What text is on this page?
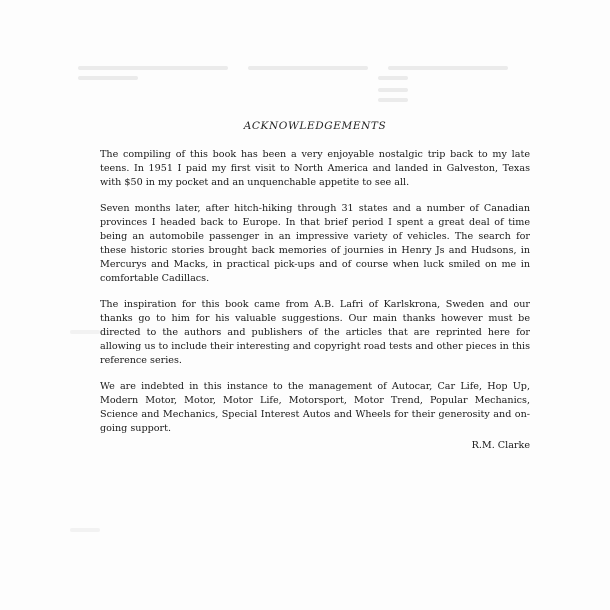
ACKNOWLEDGEMENTS

The compiling of this book has been a very enjoyable nostalgic trip back to my late teens. In 1951 I paid my first visit to North America and landed in Galveston, Texas with $50 in my pocket and an unquenchable appetite to see all.

Seven months later, after hitch-hiking through 31 states and a number of Canadian provinces I headed back to Europe. In that brief period I spent a great deal of time being an automobile passenger in an impressive variety of vehicles. The search for these historic stories brought back memories of journies in Henry Js and Hudsons, in Mercurys and Macks, in practical pick-ups and of course when luck smiled on me in comfortable Cadillacs.

The inspiration for this book came from A.B. Lafri of Karlskrona, Sweden and our thanks go to him for his valuable suggestions. Our main thanks however must be directed to the authors and publishers of the articles that are reprinted here for allowing us to include their interesting and copyright road tests and other pieces in this reference series.

We are indebted in this instance to the management of Autocar, Car Life, Hop Up, Modern Motor, Motor, Motor Life, Motorsport, Motor Trend, Popular Mechanics, Science and Mechanics, Special Interest Autos and Wheels for their generosity and on-going support.

R.M. Clarke
